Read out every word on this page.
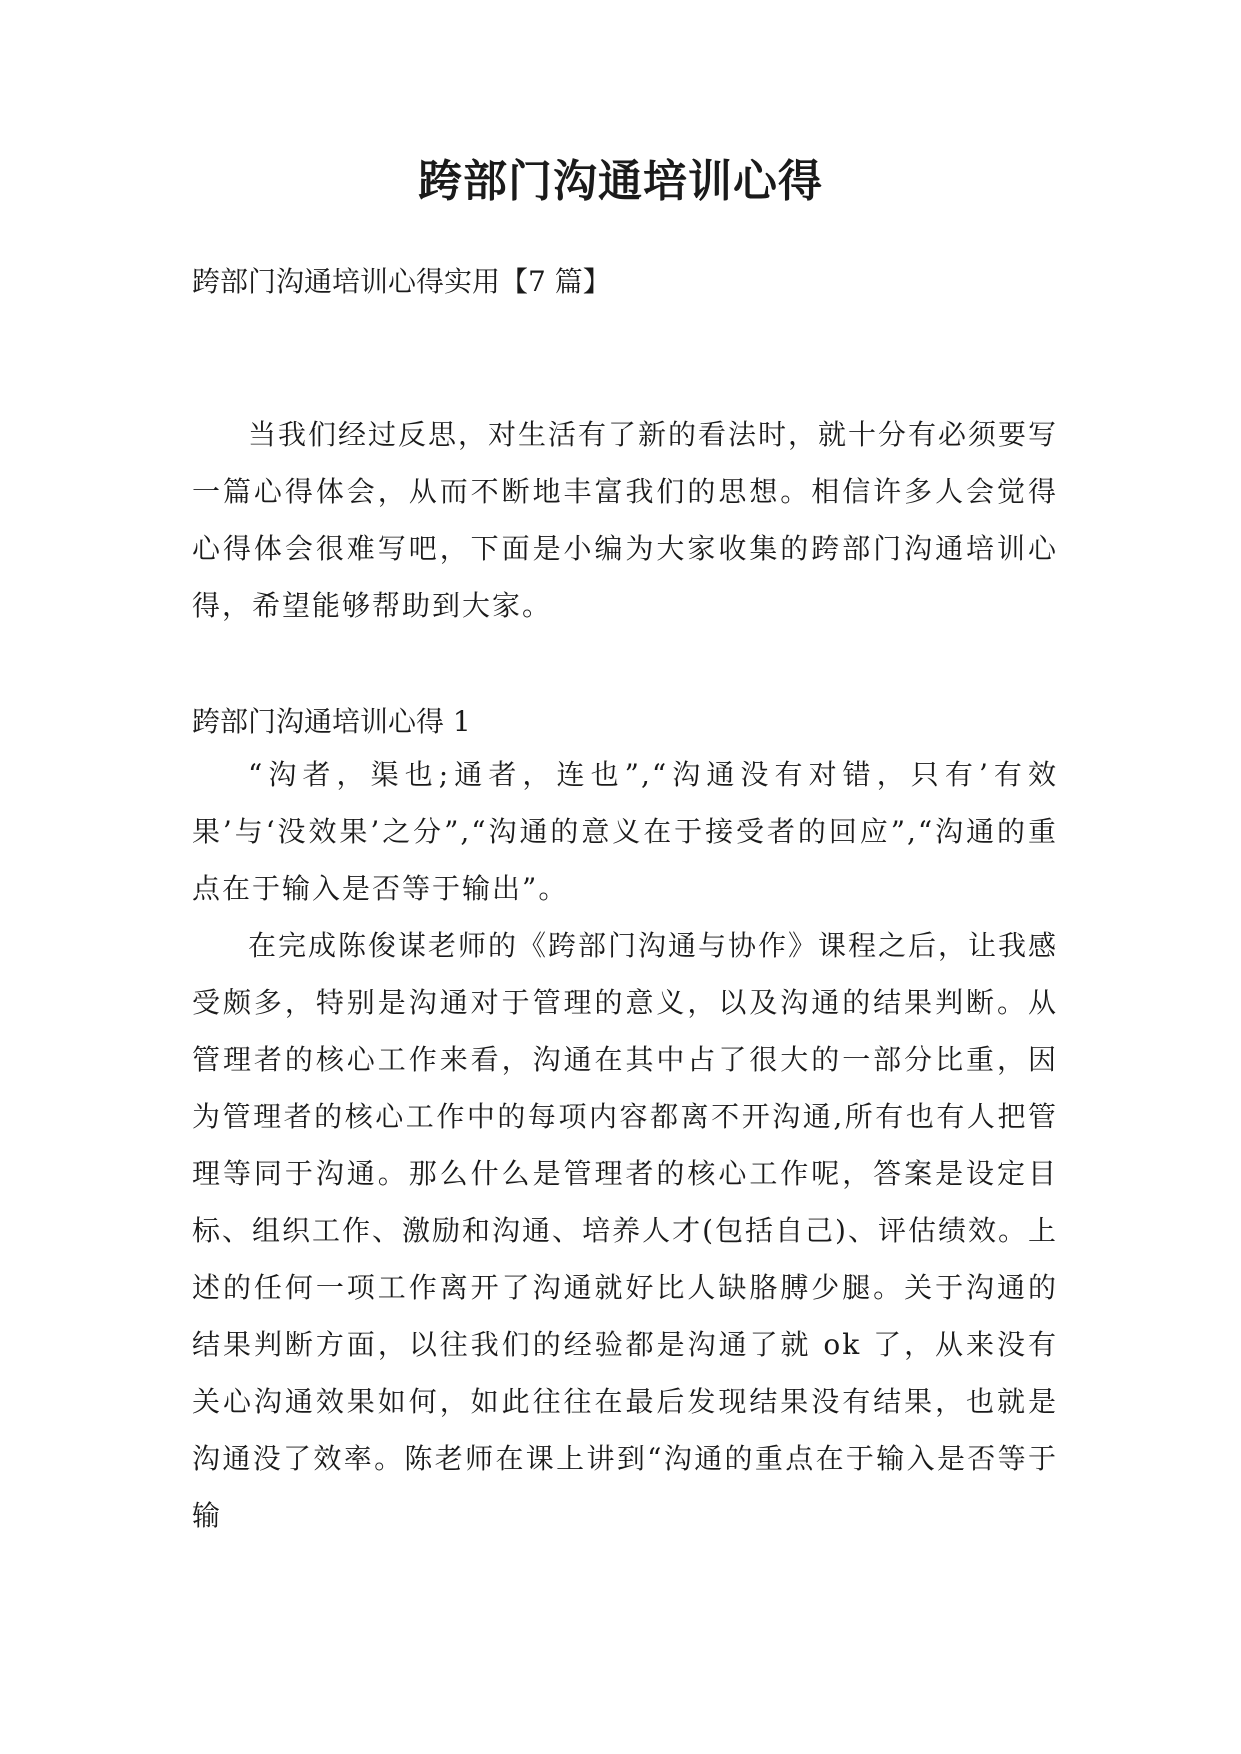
跨部门沟通培训心得

跨部门沟通培训心得实用【7 篇】

当我们经过反思，对生活有了新的看法时，就十分有必须要写一篇心得体会，从而不断地丰富我们的思想。相信许多人会觉得心得体会很难写吧，下面是小编为大家收集的跨部门沟通培训心得，希望能够帮助到大家。

跨部门沟通培训心得 1

“沟者，渠也;通者，连也”,“沟通没有对错，只有’有效果’与‘没效果’之分”,“沟通的意义在于接受者的回应”,“沟通的重点在于输入是否等于输出”。

在完成陈俊谋老师的《跨部门沟通与协作》课程之后，让我感受颇多，特别是沟通对于管理的意义，以及沟通的结果判断。从管理者的核心工作来看，沟通在其中占了很大的一部分比重，因为管理者的核心工作中的每项内容都离不开沟通,所有也有人把管理等同于沟通。那么什么是管理者的核心工作呢，答案是设定目标、组织工作、激励和沟通、培养人才(包括自己)、评估绩效。上述的任何一项工作离开了沟通就好比人缺胳膊少腿。关于沟通的结果判断方面，以往我们的经验都是沟通了就 ok 了，从来没有关心沟通效果如何，如此往往在最后发现结果没有结果，也就是沟通没了效率。陈老师在课上讲到“沟通的重点在于输入是否等于输
